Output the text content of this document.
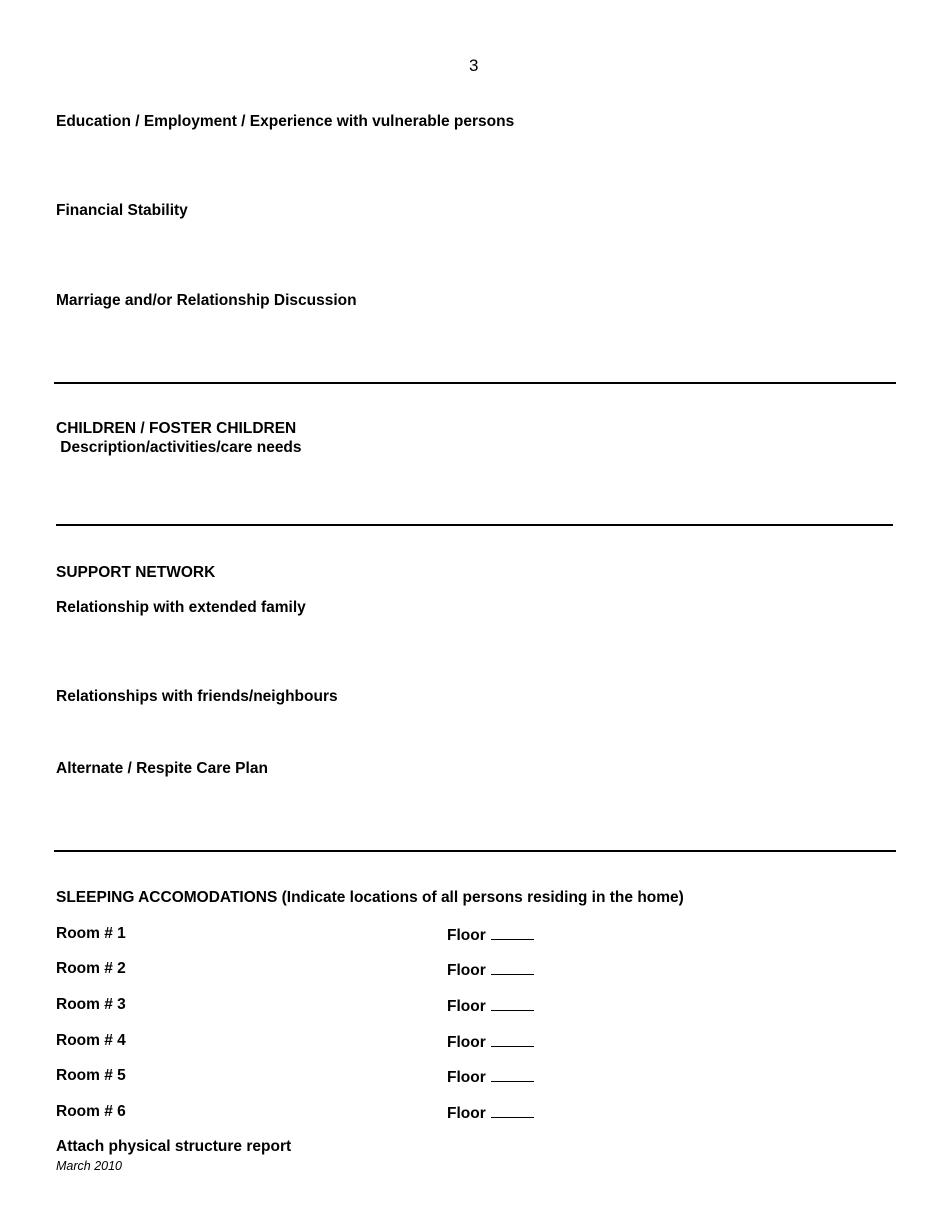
3
Education / Employment / Experience with vulnerable persons
Financial Stability
Marriage and/or Relationship Discussion
CHILDREN / FOSTER CHILDREN
Description/activities/care needs
SUPPORT NETWORK
Relationship with extended family
Relationships with friends/neighbours
Alternate / Respite Care Plan
SLEEPING ACCOMODATIONS (Indicate locations of all persons residing in the home)
Room # 1	Floor
Room # 2	Floor
Room # 3	Floor
Room # 4	Floor
Room # 5	Floor
Room # 6	Floor
Attach physical structure report
March 2010
